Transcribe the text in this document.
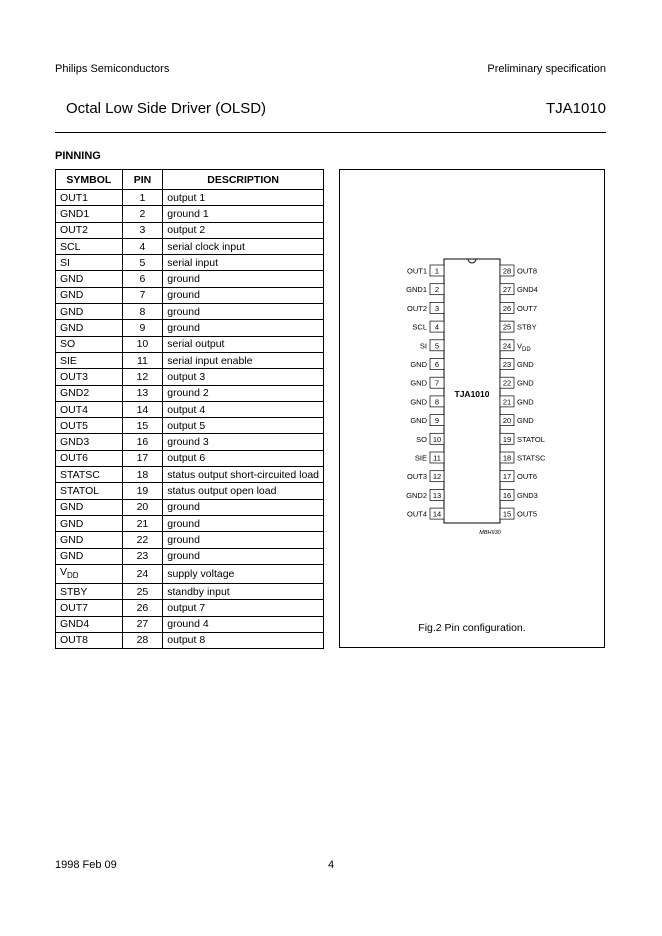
Philips Semiconductors	Preliminary specification
Octal Low Side Driver (OLSD)	TJA1010
PINNING
SYMBOL	PIN	DESCRIPTION
OUT1	1	output 1
GND1	2	ground 1
OUT2	3	output 2
SCL	4	serial clock input
SI	5	serial input
GND	6	ground
GND	7	ground
GND	8	ground
GND	9	ground
SO	10	serial output
SIE	11	serial input enable
OUT3	12	output 3
GND2	13	ground 2
OUT4	14	output 4
OUT5	15	output 5
GND3	16	ground 3
OUT6	17	output 6
STATSC	18	status output short-circuited load
STATOL	19	status output open load
GND	20	ground
GND	21	ground
GND	22	ground
GND	23	ground
$V_{DD}$	24	supply voltage
STBY	25	standby input
OUT7	26	output 7
GND4	27	ground 4
OUT8	28	output 8
TJA1010
1
OUT1
2
GND1
3
OUT2
4
SCL
5
SI
6
GND
7
GND
8
GND
9
GND
10
SO
11
SIE
12
OUT3
13
GND2
14
OUT4
28 OUT8
27 GND4
26 OUT7
25 STBY
24 $V_{DD}$
23 GND
22 GND
21 GND
20 GND
19 STATOL
18 STATSC
17 OUT6
16 GND3
15 OUT5
MBH930
Fig.2 Pin configuration.
1998 Feb 09	4
